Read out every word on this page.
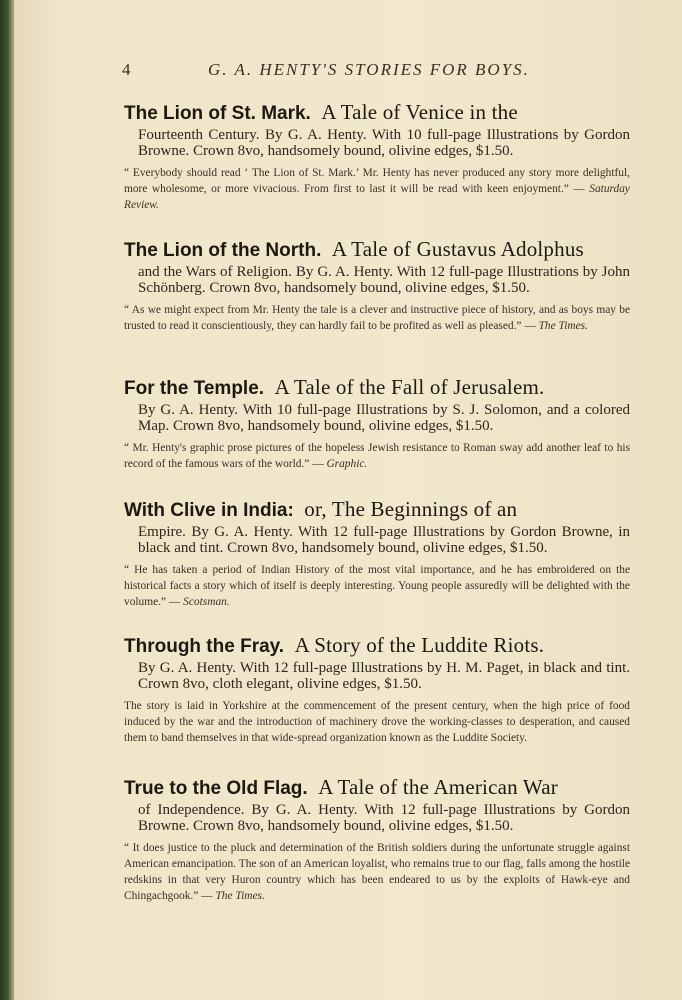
4	G. A. HENTY'S STORIES FOR BOYS.
The Lion of St. Mark. A Tale of Venice in the

Fourteenth Century. By G. A. Henty. With 10 full-page Illustrations by Gordon Browne. Crown 8vo, handsomely bound, olivine edges, $1.50.

“ Everybody should read ‘ The Lion of St. Mark.’ Mr. Henty has never produced any story more delightful, more wholesome, or more vivacious. From first to last it will be read with keen enjoyment.” — Saturday Review.

The Lion of the North. A Tale of Gustavus Adolphus

and the Wars of Religion. By G. A. Henty. With 12 full-page Illustrations by John Schönberg. Crown 8vo, handsomely bound, olivine edges, $1.50.

“ As we might expect from Mr. Henty the tale is a clever and instructive piece of history, and as boys may be trusted to read it conscientiously, they can hardly fail to be profited as well as pleased.” — The Times.

For the Temple. A Tale of the Fall of Jerusalem.

By G. A. Henty. With 10 full-page Illustrations by S. J. Solomon, and a colored Map. Crown 8vo, handsomely bound, olivine edges, $1.50.

“ Mr. Henty's graphic prose pictures of the hopeless Jewish resistance to Roman sway add another leaf to his record of the famous wars of the world.” — Graphic.

With Clive in India: or, The Beginnings of an

Empire. By G. A. Henty. With 12 full-page Illustrations by Gordon Browne, in black and tint. Crown 8vo, handsomely bound, olivine edges, $1.50.

“ He has taken a period of Indian History of the most vital importance, and he has embroidered on the historical facts a story which of itself is deeply interesting. Young people assuredly will be delighted with the volume.” — Scotsman.

Through the Fray. A Story of the Luddite Riots.

By G. A. Henty. With 12 full-page Illustrations by H. M. Paget, in black and tint. Crown 8vo, cloth elegant, olivine edges, $1.50.

The story is laid in Yorkshire at the commencement of the present century, when the high price of food induced by the war and the introduction of machinery drove the working-classes to desperation, and caused them to band themselves in that wide-spread organization known as the Luddite Society.

True to the Old Flag. A Tale of the American War

of Independence. By G. A. Henty. With 12 full-page Illustrations by Gordon Browne. Crown 8vo, handsomely bound, olivine edges, $1.50.

“ It does justice to the pluck and determination of the British soldiers during the unfortunate struggle against American emancipation. The son of an American loyalist, who remains true to our flag, falls among the hostile redskins in that very Huron country which has been endeared to us by the exploits of Hawk-eye and Chingachgook.” — The Times.
